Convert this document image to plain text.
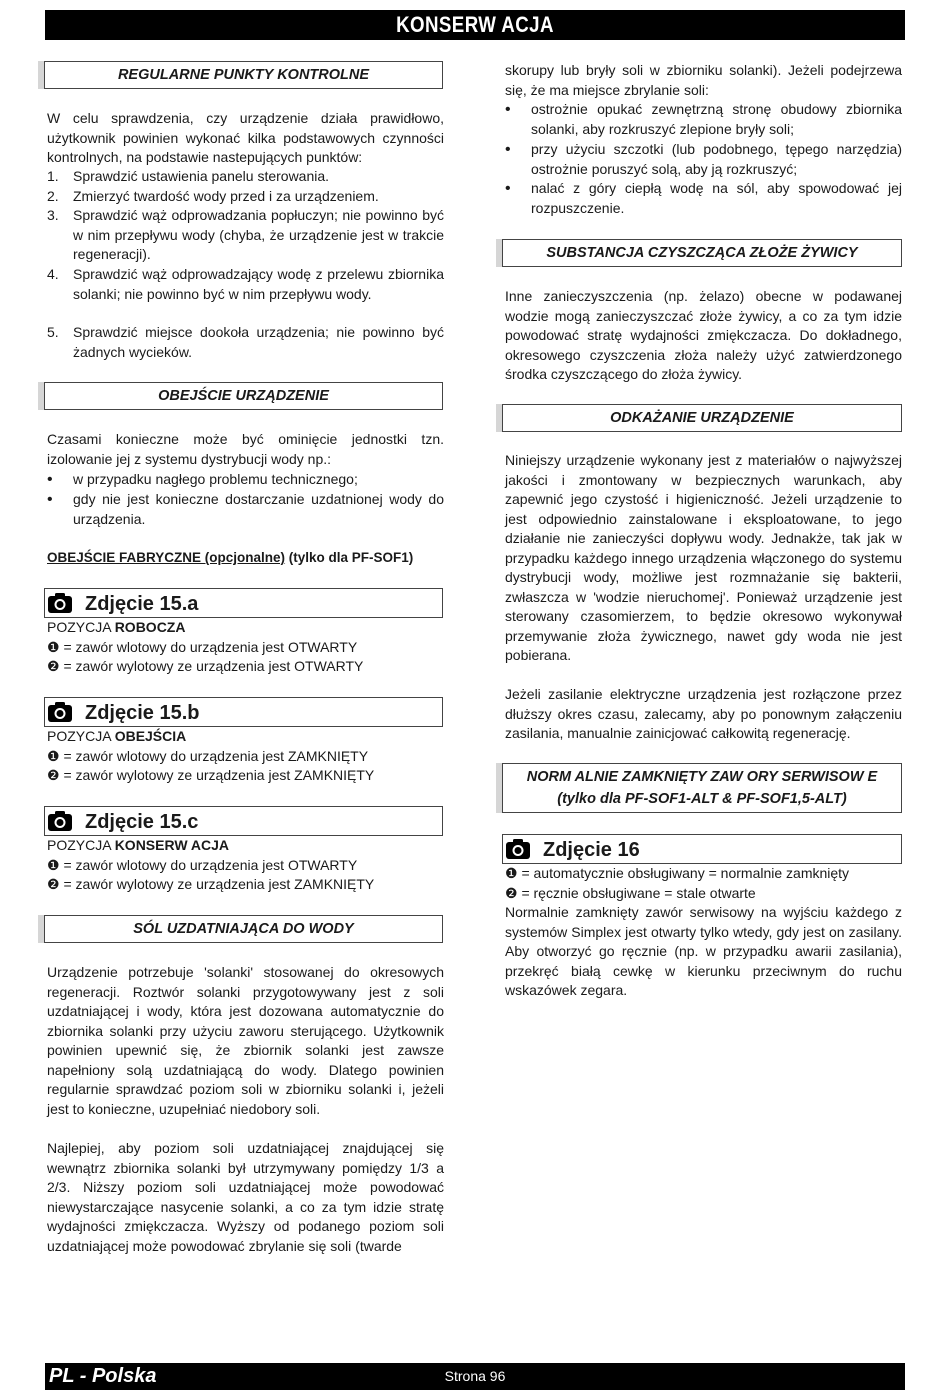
KONSERW ACJA
REGULARNE PUNKTY KONTROLNE
W celu sprawdzenia, czy urządzenie działa prawidłowo, użytkownik powinien wykonać kilka podstawowych czynności kontrolnych, na podstawie nastepujących punktów:
1.	Sprawdzić ustawienia panelu sterowania.
2.	Zmierzyć twardość wody przed i za urządzeniem.
3.	Sprawdzić wąż odprowadzania popłuczyn; nie powinno być w nim przepływu wody (chyba, że urządzenie jest w trakcie regeneracji).
4.	Sprawdzić wąż odprowadzający wodę z przelewu zbiornika solanki; nie powinno być w nim przepływu wody.
5.	Sprawdzić miejsce dookoła urządzenia; nie powinno być żadnych wycieków.
OBEJŚCIE URZĄDZENIE
Czasami konieczne może być ominięcie jednostki tzn. izolowanie jej z systemu dystrybucji wody np.:
•	w przypadku nagłego problemu technicznego;
•	gdy nie jest konieczne dostarczanie uzdatnionej wody do urządzenia.
OBEJŚCIE FABRYCZNE (opcjonalne) (tylko dla PF-SOF1)
Zdjęcie 15.a
POZYCJA ROBOCZA
❶ = zawór wlotowy do urządzenia jest OTWARTY
❷ = zawór wylotowy ze urządzenia jest OTWARTY
Zdjęcie 15.b
POZYCJA OBEJŚCIA
❶ = zawór wlotowy do urządzenia jest ZAMKNIĘTY
❷ = zawór wylotowy ze urządzenia jest ZAMKNIĘTY
Zdjęcie 15.c
POZYCJA KONSERW ACJA
❶ = zawór wlotowy do urządzenia jest OTWARTY
❷ = zawór wylotowy ze urządzenia jest ZAMKNIĘTY
SÓL UZDATNIAJĄCA DO WODY
Urządzenie potrzebuje 'solanki' stosowanej do okresowych regeneracji. Roztwór solanki przygotowywany jest z soli uzdatniającej i wody, która jest dozowana automatycznie do zbiornika solanki przy użyciu zaworu sterującego. Użytkownik powinien upewnić się, że zbiornik solanki jest zawsze napełniony solą uzdatniającą do wody. Dlatego powinien regularnie sprawdzać poziom soli w zbiorniku solanki i, jeżeli jest to konieczne, uzupełniać niedobory soli.
Najlepiej, aby poziom soli uzdatniającej znajdującej się wewnątrz zbiornika solanki był utrzymywany pomiędzy 1/3 a 2/3. Niższy poziom soli uzdatniającej może powodować niewystarczające nasycenie solanki, a co za tym idzie stratę wydajności zmiękczacza. Wyższy od podanego poziom soli uzdatniającej może powodować zbrylanie się soli (twarde
skorupy lub bryły soli w zbiorniku solanki). Jeżeli podejrzewa się, że ma miejsce zbrylanie soli:
•	ostrożnie opukać zewnętrzną stronę obudowy zbiornika solanki, aby rozkruszyć zlepione bryły soli;
•	przy użyciu szczotki (lub podobnego, tępego narzędzia) ostrożnie poruszyć solą, aby ją rozkruszyć;
•	nalać z góry ciepłą wodę na sól, aby spowodować jej rozpuszczenie.
SUBSTANCJA CZYSZCZĄCA ZŁOŻE ŻYWICY
Inne zanieczyszczenia (np. żelazo) obecne w podawanej wodzie mogą zanieczyszczać złoże żywicy, a co za tym idzie powodować stratę wydajności zmiękczacza. Do dokładnego, okresowego czyszczenia złoża należy użyć zatwierdzonego środka czyszczącego do złoża żywicy.
ODKAŻANIE URZĄDZENIE
Niniejszy urządzenie wykonany jest z materiałów o najwyższej jakości i zmontowany w bezpiecznych warunkach, aby zapewnić jego czystość i higieniczność. Jeżeli urządzenie to jest odpowiednio zainstalowane i eksploatowane, to jego działanie nie zanieczyści dopływu wody. Jednakże, tak jak w przypadku każdego innego urządzenia włączonego do systemu dystrybucji wody, możliwe jest rozmnażanie się bakterii, zwłaszcza w 'wodzie nieruchomej'. Ponieważ urządzenie jest sterowany czasomierzem, to będzie okresowo wykonywał przemywanie złoża żywicznego, nawet gdy woda nie jest pobierana.
Jeżeli zasilanie elektryczne urządzenia jest rozłączone przez dłuższy okres czasu, zalecamy, aby po ponownym załączeniu zasilania, manualnie zainicjować całkowitą regenerację.
NORM ALNIE ZAMKNIĘTY ZAW ORY SERWISOW E
(tylko dla PF-SOF1-ALT & PF-SOF1,5-ALT)
Zdjęcie 16
❶ = automatycznie obsługiwany = normalnie zamknięty
❷ = ręcznie obsługiwane = stale otwarte
Normalnie zamknięty zawór serwisowy na wyjściu każdego z systemów Simplex jest otwarty tylko wtedy, gdy jest on zasilany. Aby otworzyć go ręcznie (np. w przypadku awarii zasilania), przekręć białą cewkę w kierunku przeciwnym do ruchu wskazówek zegara.
PL - Polska	Strona 96
